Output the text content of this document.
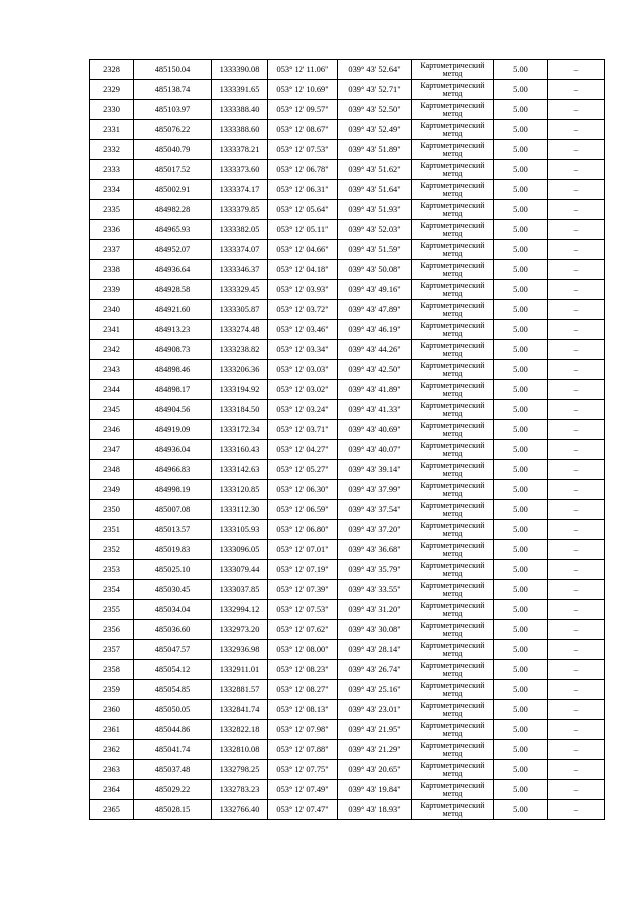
2328	485150.04	1333390.08	053° 12' 11.06"	039° 43' 52.64"	Картометрический метод	5.00	–
2329	485138.74	1333391.65	053° 12' 10.69"	039° 43' 52.71"	Картометрический метод	5.00	–
2330	485103.97	1333388.40	053° 12' 09.57"	039° 43' 52.50"	Картометрический метод	5.00	–
2331	485076.22	1333388.60	053° 12' 08.67"	039° 43' 52.49"	Картометрический метод	5.00	–
2332	485040.79	1333378.21	053° 12' 07.53"	039° 43' 51.89"	Картометрический метод	5.00	–
2333	485017.52	1333373.60	053° 12' 06.78"	039° 43' 51.62"	Картометрический метод	5.00	–
2334	485002.91	1333374.17	053° 12' 06.31"	039° 43' 51.64"	Картометрический метод	5.00	–
2335	484982.28	1333379.85	053° 12' 05.64"	039° 43' 51.93"	Картометрический метод	5.00	–
2336	484965.93	1333382.05	053° 12' 05.11"	039° 43' 52.03"	Картометрический метод	5.00	–
2337	484952.07	1333374.07	053° 12' 04.66"	039° 43' 51.59"	Картометрический метод	5.00	–
2338	484936.64	1333346.37	053° 12' 04.18"	039° 43' 50.08"	Картометрический метод	5.00	–
2339	484928.58	1333329.45	053° 12' 03.93"	039° 43' 49.16"	Картометрический метод	5.00	–
2340	484921.60	1333305.87	053° 12' 03.72"	039° 43' 47.89"	Картометрический метод	5.00	–
2341	484913.23	1333274.48	053° 12' 03.46"	039° 43' 46.19"	Картометрический метод	5.00	–
2342	484908.73	1333238.82	053° 12' 03.34"	039° 43' 44.26"	Картометрический метод	5.00	–
2343	484898.46	1333206.36	053° 12' 03.03"	039° 43' 42.50"	Картометрический метод	5.00	–
2344	484898.17	1333194.92	053° 12' 03.02"	039° 43' 41.89"	Картометрический метод	5.00	–
2345	484904.56	1333184.50	053° 12' 03.24"	039° 43' 41.33"	Картометрический метод	5.00	–
2346	484919.09	1333172.34	053° 12' 03.71"	039° 43' 40.69"	Картометрический метод	5.00	–
2347	484936.04	1333160.43	053° 12' 04.27"	039° 43' 40.07"	Картометрический метод	5.00	–
2348	484966.83	1333142.63	053° 12' 05.27"	039° 43' 39.14"	Картометрический метод	5.00	–
2349	484998.19	1333120.85	053° 12' 06.30"	039° 43' 37.99"	Картометрический метод	5.00	–
2350	485007.08	1333112.30	053° 12' 06.59"	039° 43' 37.54"	Картометрический метод	5.00	–
2351	485013.57	1333105.93	053° 12' 06.80"	039° 43' 37.20"	Картометрический метод	5.00	–
2352	485019.83	1333096.05	053° 12' 07.01"	039° 43' 36.68"	Картометрический метод	5.00	–
2353	485025.10	1333079.44	053° 12' 07.19"	039° 43' 35.79"	Картометрический метод	5.00	–
2354	485030.45	1333037.85	053° 12' 07.39"	039° 43' 33.55"	Картометрический метод	5.00	–
2355	485034.04	1332994.12	053° 12' 07.53"	039° 43' 31.20"	Картометрический метод	5.00	–
2356	485036.60	1332973.20	053° 12' 07.62"	039° 43' 30.08"	Картометрический метод	5.00	–
2357	485047.57	1332936.98	053° 12' 08.00"	039° 43' 28.14"	Картометрический метод	5.00	–
2358	485054.12	1332911.01	053° 12' 08.23"	039° 43' 26.74"	Картометрический метод	5.00	–
2359	485054.85	1332881.57	053° 12' 08.27"	039° 43' 25.16"	Картометрический метод	5.00	–
2360	485050.05	1332841.74	053° 12' 08.13"	039° 43' 23.01"	Картометрический метод	5.00	–
2361	485044.86	1332822.18	053° 12' 07.98"	039° 43' 21.95"	Картометрический метод	5.00	–
2362	485041.74	1332810.08	053° 12' 07.88"	039° 43' 21.29"	Картометрический метод	5.00	–
2363	485037.48	1332798.25	053° 12' 07.75"	039° 43' 20.65"	Картометрический метод	5.00	–
2364	485029.22	1332783.23	053° 12' 07.49"	039° 43' 19.84"	Картометрический метод	5.00	–
2365	485028.15	1332766.40	053° 12' 07.47"	039° 43' 18.93"	Картометрический метод	5.00	–
